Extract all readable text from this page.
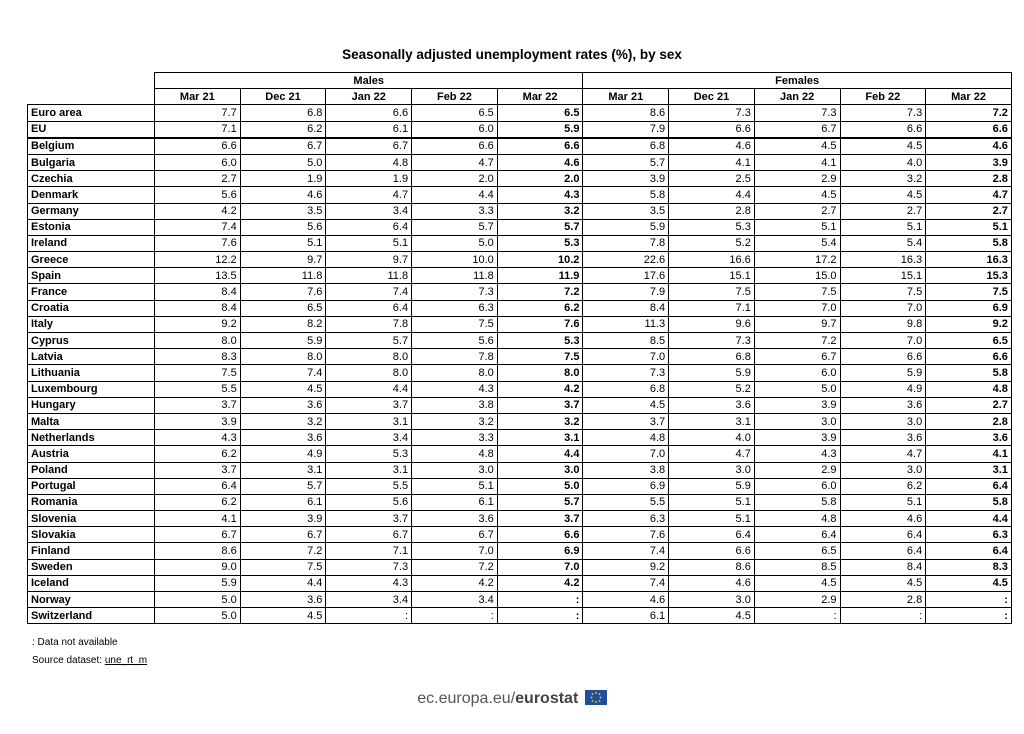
Seasonally adjusted unemployment rates (%), by sex
	Males					Females				
	Mar 21	Dec 21	Jan 22	Feb 22	Mar 22	Mar 21	Dec 21	Jan 22	Feb 22	Mar 22
Euro area	7.7	6.8	6.6	6.5	6.5	8.6	7.3	7.3	7.3	7.2
EU	7.1	6.2	6.1	6.0	5.9	7.9	6.6	6.7	6.6	6.6
Belgium	6.6	6.7	6.7	6.6	6.6	6.8	4.6	4.5	4.5	4.6
Bulgaria	6.0	5.0	4.8	4.7	4.6	5.7	4.1	4.1	4.0	3.9
Czechia	2.7	1.9	1.9	2.0	2.0	3.9	2.5	2.9	3.2	2.8
Denmark	5.6	4.6	4.7	4.4	4.3	5.8	4.4	4.5	4.5	4.7
Germany	4.2	3.5	3.4	3.3	3.2	3.5	2.8	2.7	2.7	2.7
Estonia	7.4	5.6	6.4	5.7	5.7	5.9	5.3	5.1	5.1	5.1
Ireland	7.6	5.1	5.1	5.0	5.3	7.8	5.2	5.4	5.4	5.8
Greece	12.2	9.7	9.7	10.0	10.2	22.6	16.6	17.2	16.3	16.3
Spain	13.5	11.8	11.8	11.8	11.9	17.6	15.1	15.0	15.1	15.3
France	8.4	7.6	7.4	7.3	7.2	7.9	7.5	7.5	7.5	7.5
Croatia	8.4	6.5	6.4	6.3	6.2	8.4	7.1	7.0	7.0	6.9
Italy	9.2	8.2	7.8	7.5	7.6	11.3	9.6	9.7	9.8	9.2
Cyprus	8.0	5.9	5.7	5.6	5.3	8.5	7.3	7.2	7.0	6.5
Latvia	8.3	8.0	8.0	7.8	7.5	7.0	6.8	6.7	6.6	6.6
Lithuania	7.5	7.4	8.0	8.0	8.0	7.3	5.9	6.0	5.9	5.8
Luxembourg	5.5	4.5	4.4	4.3	4.2	6.8	5.2	5.0	4.9	4.8
Hungary	3.7	3.6	3.7	3.8	3.7	4.5	3.6	3.9	3.6	2.7
Malta	3.9	3.2	3.1	3.2	3.2	3.7	3.1	3.0	3.0	2.8
Netherlands	4.3	3.6	3.4	3.3	3.1	4.8	4.0	3.9	3.6	3.6
Austria	6.2	4.9	5.3	4.8	4.4	7.0	4.7	4.3	4.7	4.1
Poland	3.7	3.1	3.1	3.0	3.0	3.8	3.0	2.9	3.0	3.1
Portugal	6.4	5.7	5.5	5.1	5.0	6.9	5.9	6.0	6.2	6.4
Romania	6.2	6.1	5.6	6.1	5.7	5.5	5.1	5.8	5.1	5.8
Slovenia	4.1	3.9	3.7	3.6	3.7	6.3	5.1	4.8	4.6	4.4
Slovakia	6.7	6.7	6.7	6.7	6.6	7.6	6.4	6.4	6.4	6.3
Finland	8.6	7.2	7.1	7.0	6.9	7.4	6.6	6.5	6.4	6.4
Sweden	9.0	7.5	7.3	7.2	7.0	9.2	8.6	8.5	8.4	8.3
Iceland	5.9	4.4	4.3	4.2	4.2	7.4	4.6	4.5	4.5	4.5
Norway	5.0	3.6	3.4	3.4	:	4.6	3.0	2.9	2.8	:
Switzerland	5.0	4.5	:	:	:	6.1	4.5	:	:	:
: Data not available
Source dataset: une_rt_m
ec.europa.eu/eurostat
